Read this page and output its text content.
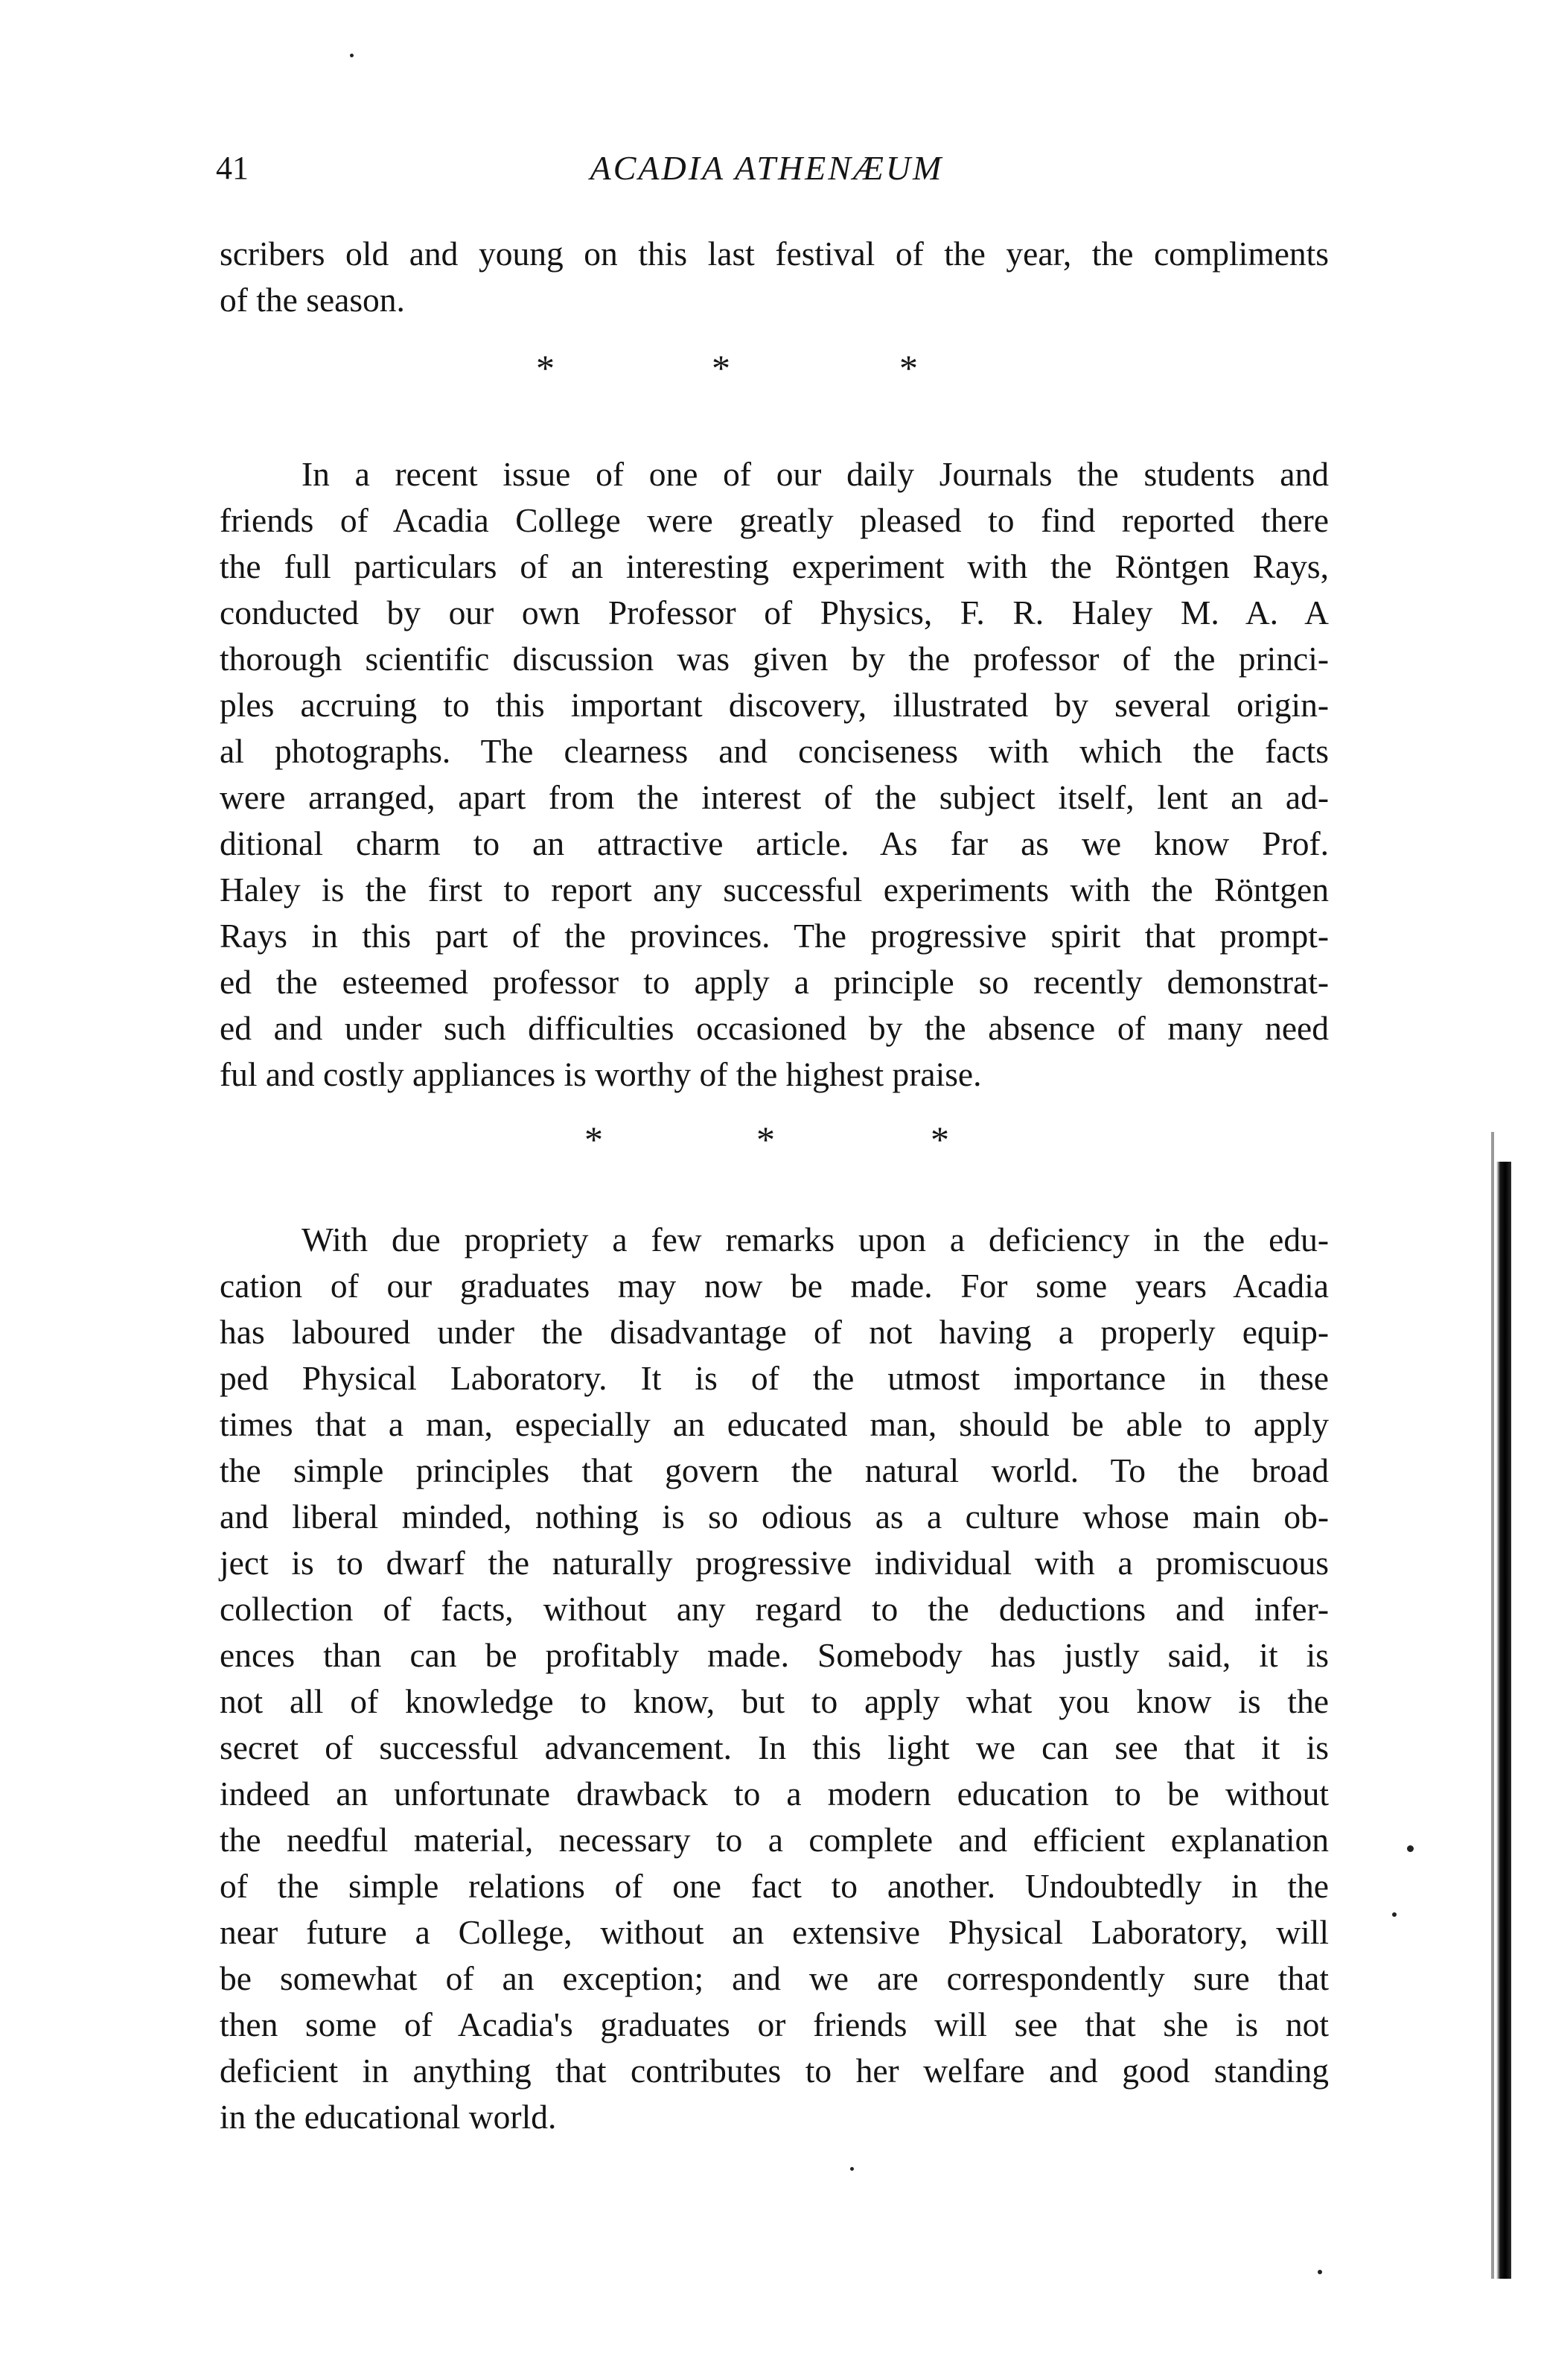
41	ACADIA ATHENÆUM
scribers old and young on this last festival of the year, the compliments
of the season.
*	*	*
In a recent issue of one of our daily Journals the students and
friends of Acadia College were greatly pleased to find reported there
the full particulars of an interesting experiment with the Röntgen Rays,
conducted by our own Professor of Physics, F. R. Haley M. A. A
thorough scientific discussion was given by the professor of the princi-
ples accruing to this important discovery, illustrated by several origin-
al photographs. The clearness and conciseness with which the facts
were arranged, apart from the interest of the subject itself, lent an ad-
ditional charm to an attractive article. As far as we know Prof.
Haley is the first to report any successful experiments with the Röntgen
Rays in this part of the provinces. The progressive spirit that prompt-
ed the esteemed professor to apply a principle so recently demonstrat-
ed and under such difficulties occasioned by the absence of many need
ful and costly appliances is worthy of the highest praise.
*	*	*
With due propriety a few remarks upon a deficiency in the edu-
cation of our graduates may now be made. For some years Acadia
has laboured under the disadvantage of not having a properly equip-
ped Physical Laboratory. It is of the utmost importance in these
times that a man, especially an educated man, should be able to apply
the simple principles that govern the natural world. To the broad
and liberal minded, nothing is so odious as a culture whose main ob-
ject is to dwarf the naturally progressive individual with a promiscuous
collection of facts, without any regard to the deductions and infer-
ences than can be profitably made. Somebody has justly said, it is
not all of knowledge to know, but to apply what you know is the
secret of successful advancement. In this light we can see that it is
indeed an unfortunate drawback to a modern education to be without
the needful material, necessary to a complete and efficient explanation
of the simple relations of one fact to another. Undoubtedly in the
near future a College, without an extensive Physical Laboratory, will
be somewhat of an exception; and we are correspondently sure that
then some of Acadia's graduates or friends will see that she is not
deficient in anything that contributes to her welfare and good standing
in the educational world.
